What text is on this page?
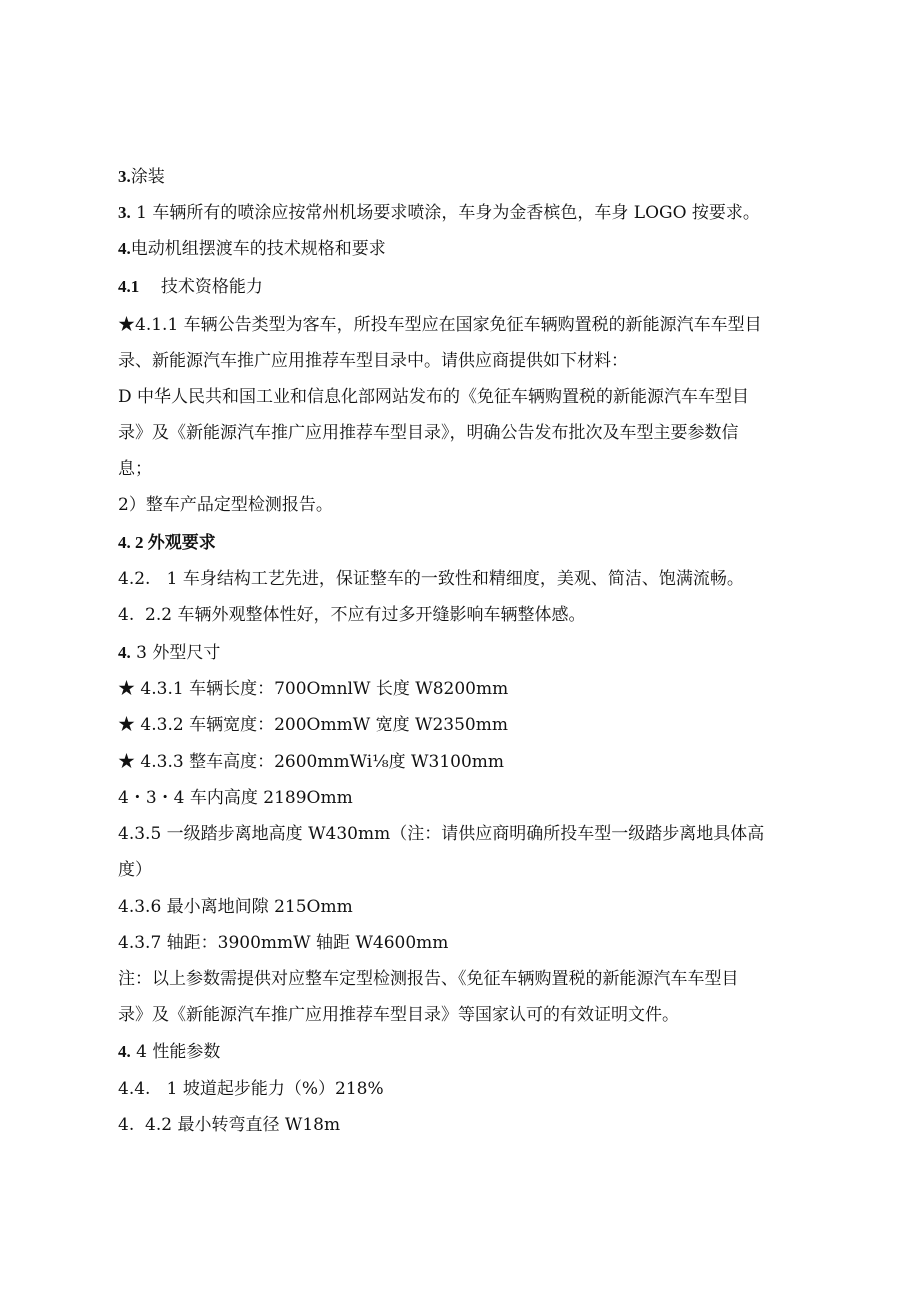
3.涂装
3. 1 车辆所有的喷涂应按常州机场要求喷涂，车身为金香槟色，车身 LOGO 按要求。
4.电动机组摆渡车的技术规格和要求
4.1    技术资格能力
★4.1.1 车辆公告类型为客车，所投车型应在国家免征车辆购置税的新能源汽车车型目
录、新能源汽车推广应用推荐车型目录中。请供应商提供如下材料：
D 中华人民共和国工业和信息化部网站发布的《免征车辆购置税的新能源汽车车型目
录》及《新能源汽车推广应用推荐车型目录》，明确公告发布批次及车型主要参数信
息；
2）整车产品定型检测报告。
4. 2 外观要求
4.2.   1 车身结构工艺先进，保证整车的一致性和精细度，美观、简洁、饱满流畅。
4.  2.2 车辆外观整体性好，不应有过多开缝影响车辆整体感。
4. 3 外型尺寸
★ 4.3.1 车辆长度：700OmnlW 长度 W8200mm
★ 4.3.2 车辆宽度：200OmmW 宽度 W2350mm
★ 4.3.3 整车高度：2600mmWi⅛度 W3100mm
4・3・4 车内高度 2189Omm
4.3.5 一级踏步离地高度 W430mm（注：请供应商明确所投车型一级踏步离地具体高
度）
4.3.6 最小离地间隙 215Omm
4.3.7 轴距：3900mmW 轴距 W4600mm
注：以上参数需提供对应整车定型检测报告、《免征车辆购置税的新能源汽车车型目
录》及《新能源汽车推广应用推荐车型目录》等国家认可的有效证明文件。
4. 4 性能参数
4.4.   1 坡道起步能力（%）218%
4.  4.2 最小转弯直径 W18m
